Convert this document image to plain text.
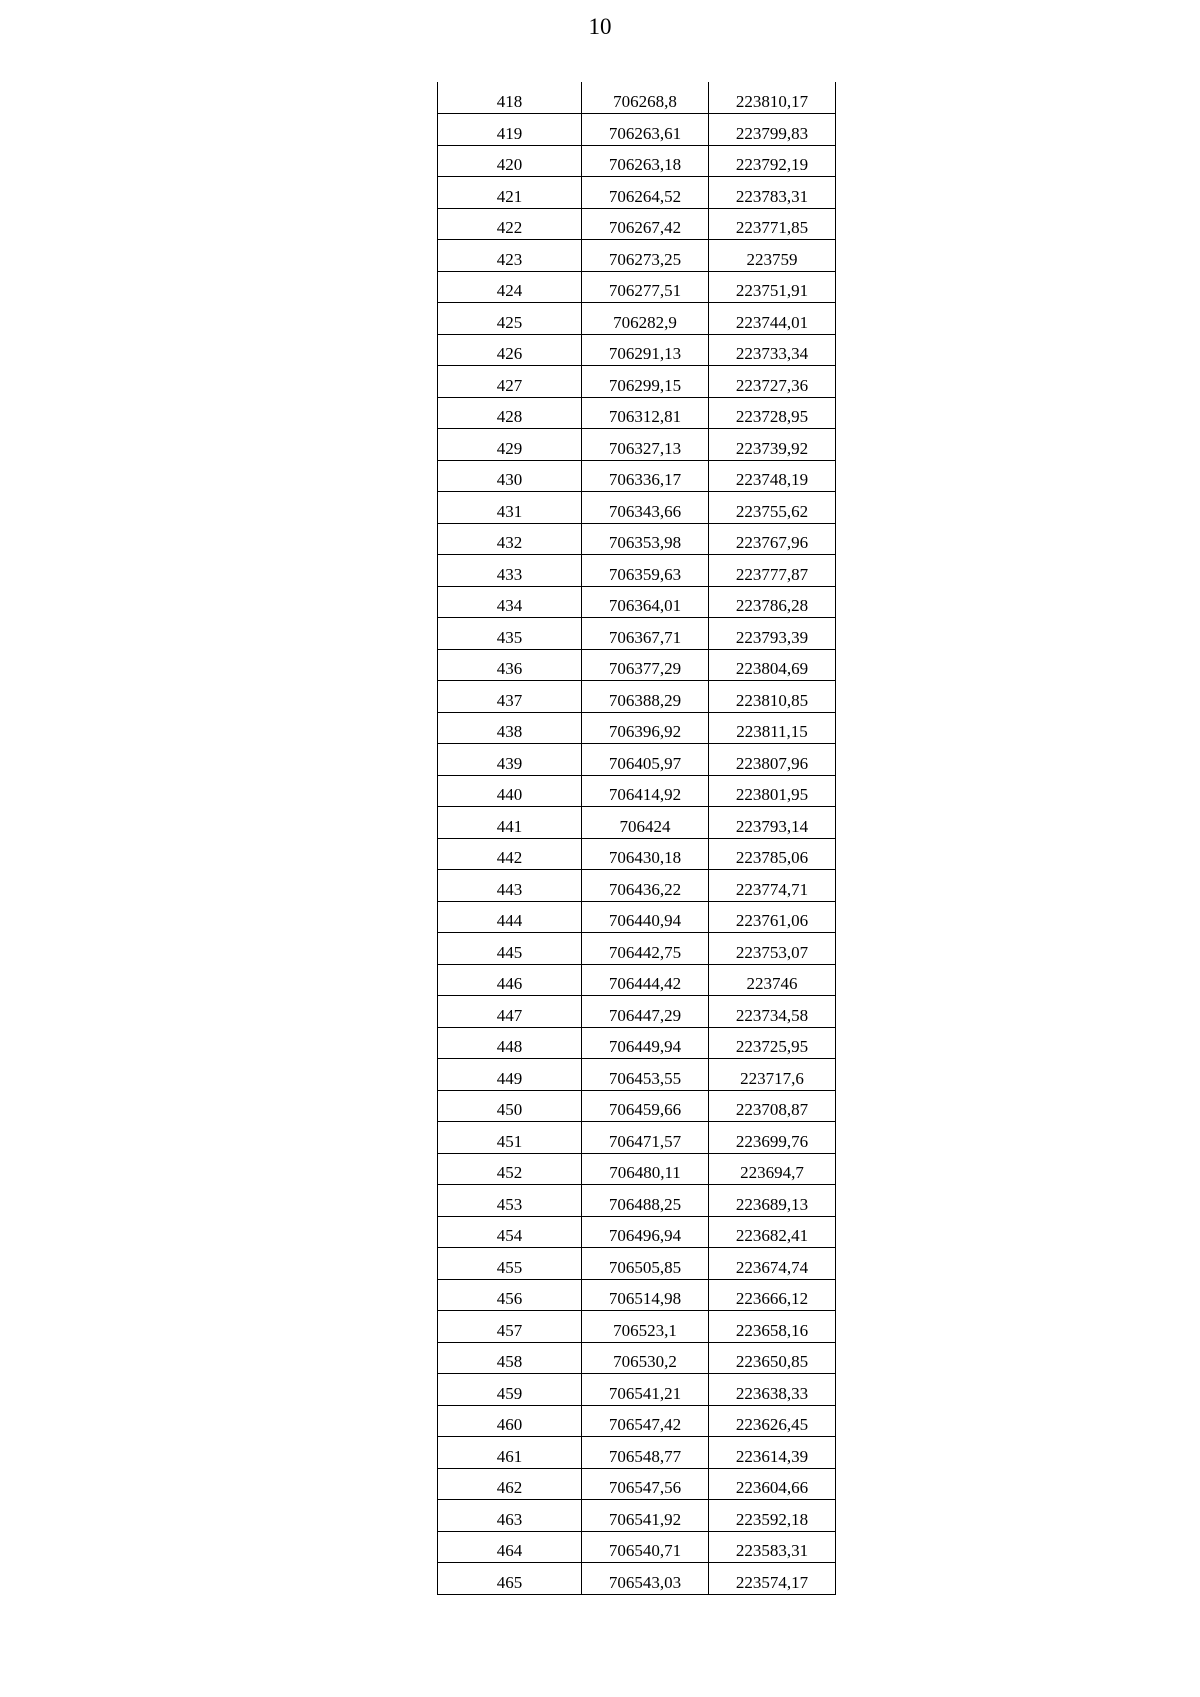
10
418	706268,8	223810,17
419	706263,61	223799,83
420	706263,18	223792,19
421	706264,52	223783,31
422	706267,42	223771,85
423	706273,25	223759
424	706277,51	223751,91
425	706282,9	223744,01
426	706291,13	223733,34
427	706299,15	223727,36
428	706312,81	223728,95
429	706327,13	223739,92
430	706336,17	223748,19
431	706343,66	223755,62
432	706353,98	223767,96
433	706359,63	223777,87
434	706364,01	223786,28
435	706367,71	223793,39
436	706377,29	223804,69
437	706388,29	223810,85
438	706396,92	223811,15
439	706405,97	223807,96
440	706414,92	223801,95
441	706424	223793,14
442	706430,18	223785,06
443	706436,22	223774,71
444	706440,94	223761,06
445	706442,75	223753,07
446	706444,42	223746
447	706447,29	223734,58
448	706449,94	223725,95
449	706453,55	223717,6
450	706459,66	223708,87
451	706471,57	223699,76
452	706480,11	223694,7
453	706488,25	223689,13
454	706496,94	223682,41
455	706505,85	223674,74
456	706514,98	223666,12
457	706523,1	223658,16
458	706530,2	223650,85
459	706541,21	223638,33
460	706547,42	223626,45
461	706548,77	223614,39
462	706547,56	223604,66
463	706541,92	223592,18
464	706540,71	223583,31
465	706543,03	223574,17
